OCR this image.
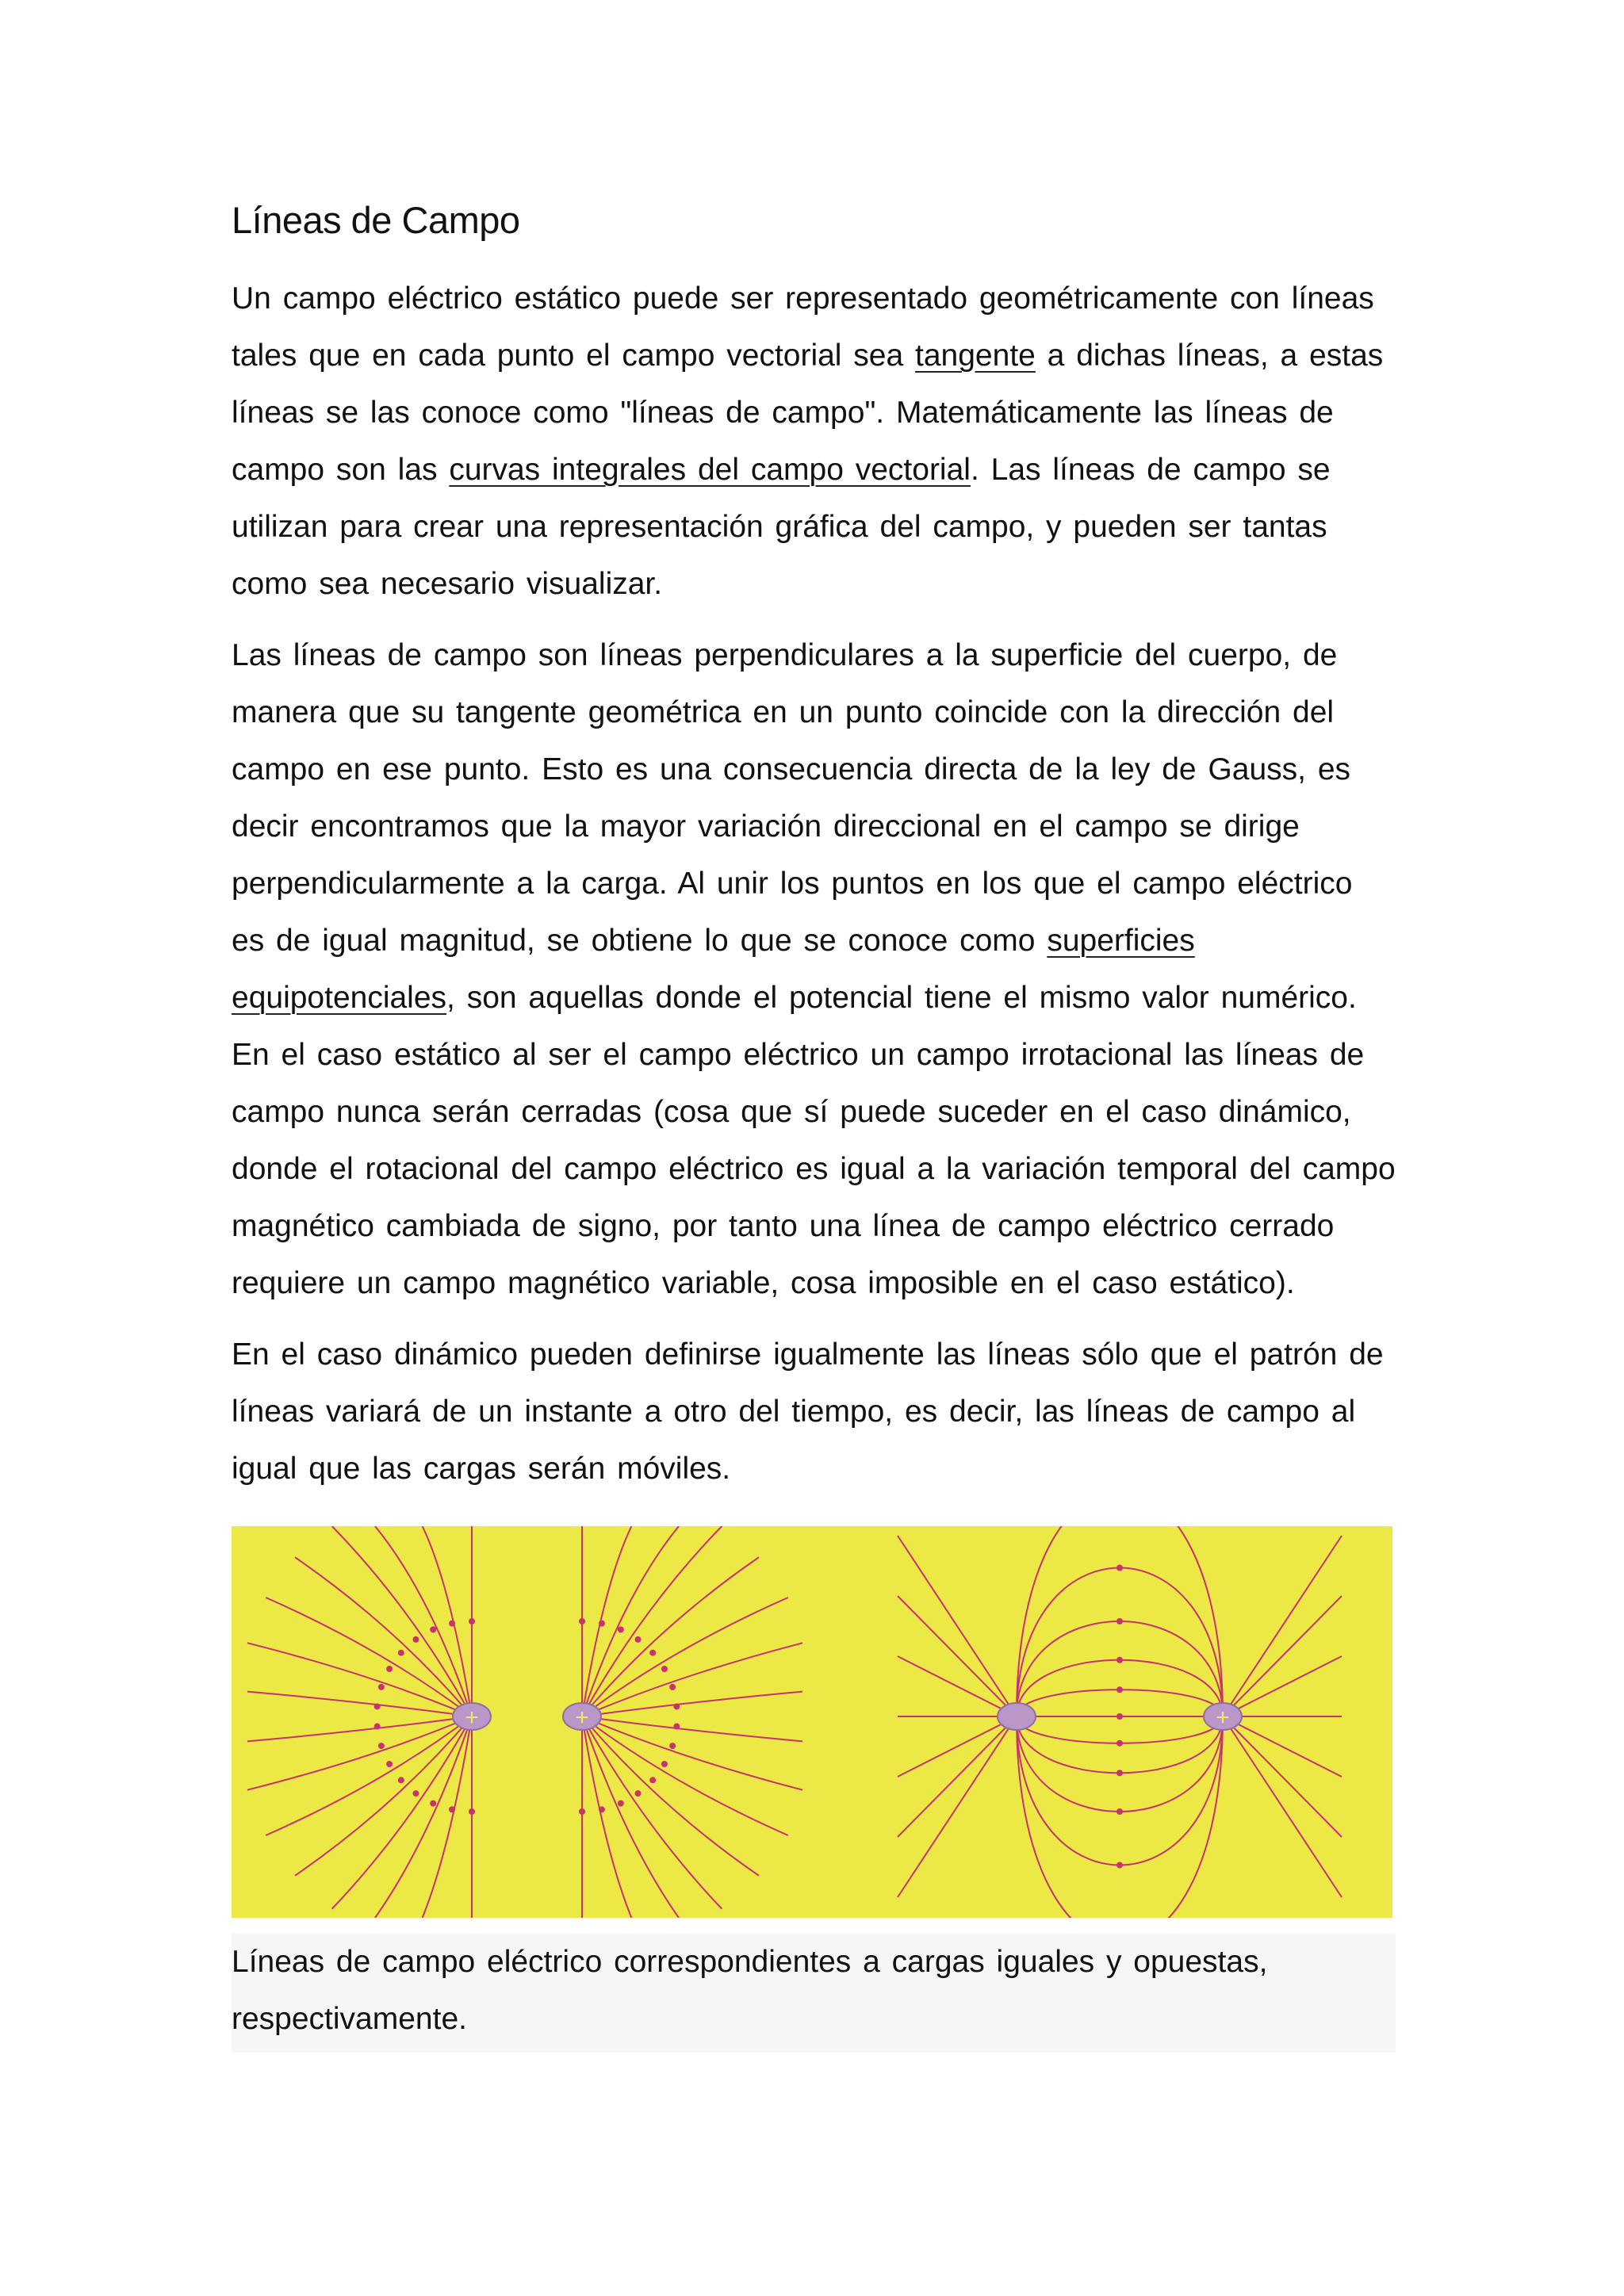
Líneas de Campo

Un campo eléctrico estático puede ser representado geométricamente con líneas tales que en cada punto el campo vectorial sea tangente a dichas líneas, a estas líneas se las conoce como "líneas de campo". Matemáticamente las líneas de campo son las curvas integrales del campo vectorial. Las líneas de campo se utilizan para crear una representación gráfica del campo, y pueden ser tantas como sea necesario visualizar.

Las líneas de campo son líneas perpendiculares a la superficie del cuerpo, de manera que su tangente geométrica en un punto coincide con la dirección del campo en ese punto. Esto es una consecuencia directa de la ley de Gauss, es decir encontramos que la mayor variación direccional en el campo se dirige perpendicularmente a la carga. Al unir los puntos en los que el campo eléctrico es de igual magnitud, se obtiene lo que se conoce como superficies equipotenciales, son aquellas donde el potencial tiene el mismo valor numérico. En el caso estático al ser el campo eléctrico un campo irrotacional las líneas de campo nunca serán cerradas (cosa que sí puede suceder en el caso dinámico, donde el rotacional del campo eléctrico es igual a la variación temporal del campo magnético cambiada de signo, por tanto una línea de campo eléctrico cerrado requiere un campo magnético variable, cosa imposible en el caso estático).

En el caso dinámico pueden definirse igualmente las líneas sólo que el patrón de líneas variará de un instante a otro del tiempo, es decir, las líneas de campo al igual que las cargas serán móviles.

+	+	+

Líneas de campo eléctrico correspondientes a cargas iguales y opuestas, respectivamente.
